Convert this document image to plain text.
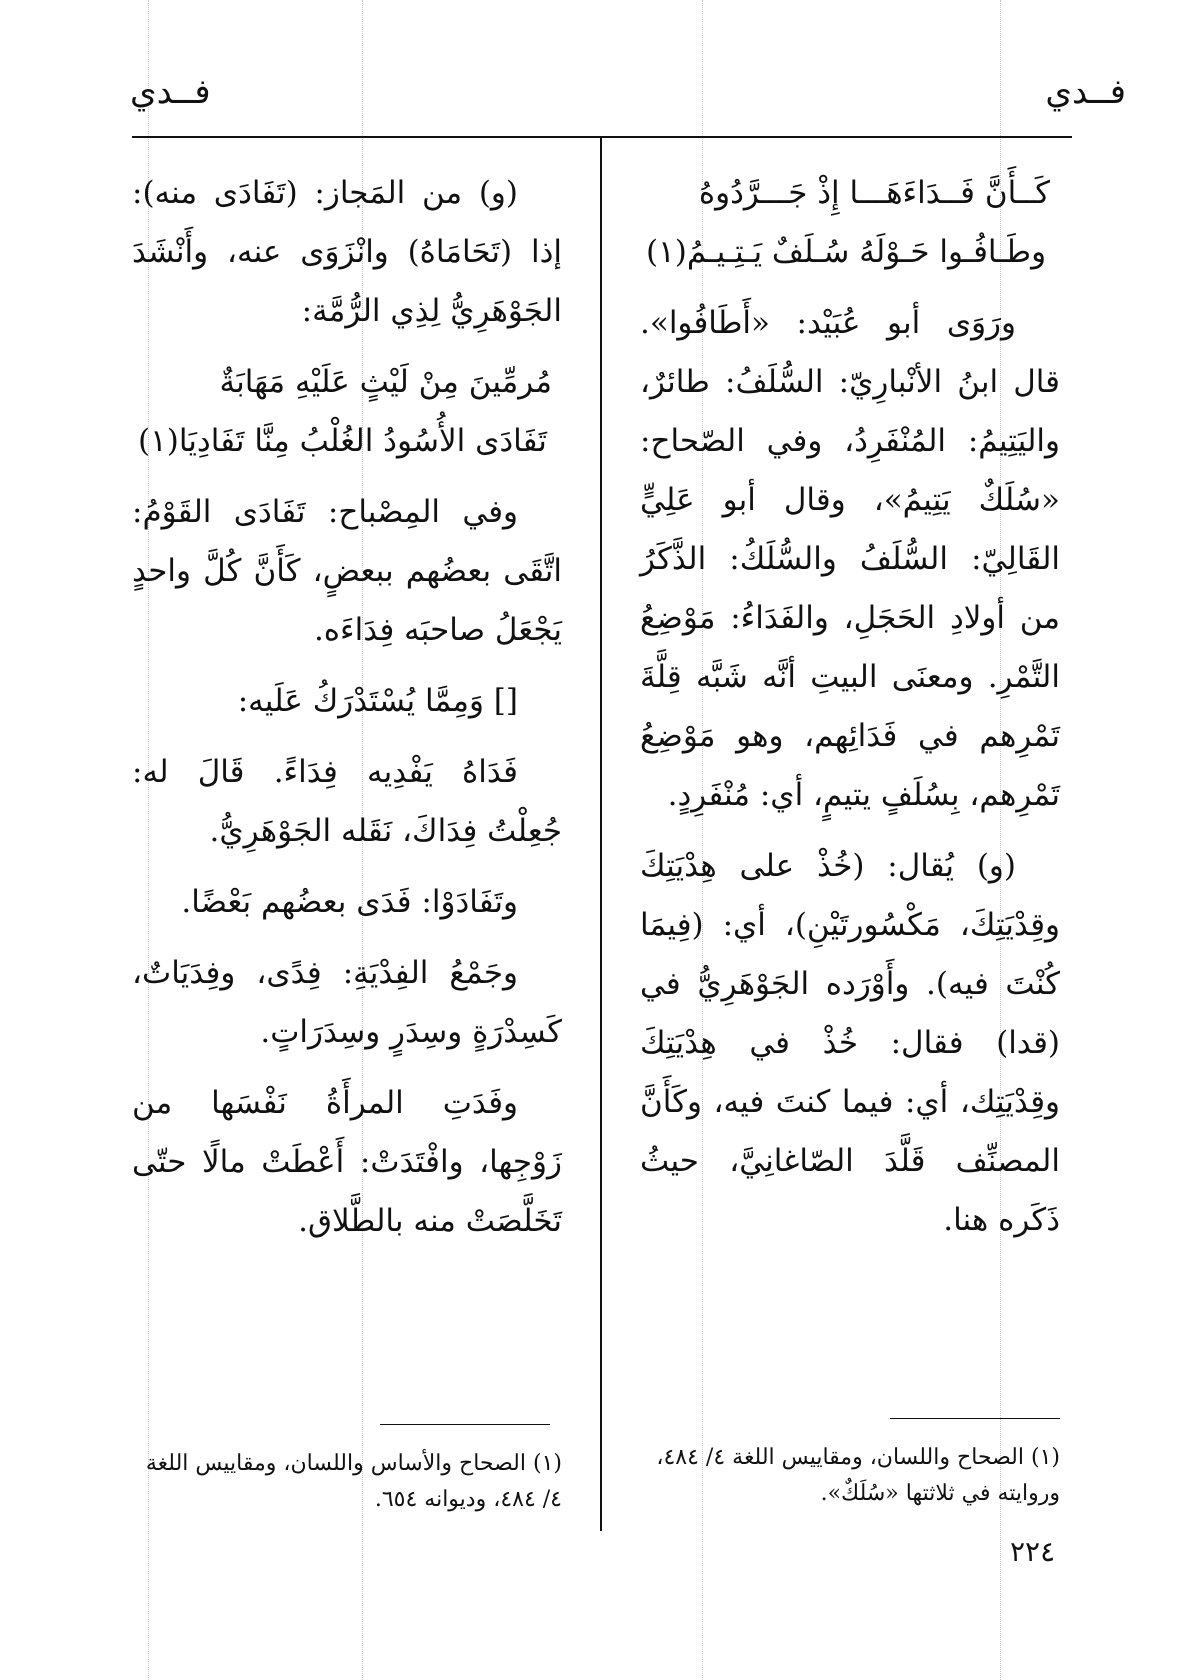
فــدي
فــدي
كَــأَنَّ فَــدَاءَهَـــا إِذْ جَـــرَّدُوهُ
وطَـافُـوا حَـوْلَهُ سُـلَفٌ يَـتِـيـمُ(١)

ورَوَى أبو عُبَيْد: «أَطَافُوا». قال ابنُ الأنْبارِيّ: السُّلَفُ: طائرٌ، واليَتِيمُ: المُنْفَرِدُ، وفي الصّحاح: «سُلَكٌ يَتِيمُ»، وقال أبو عَلِيٍّ القَالِيّ: السُّلَفُ والسُّلَكُ: الذَّكَرُ من أولادِ الحَجَلِ، والفَدَاءُ: مَوْضِعُ التَّمْرِ. ومعنَى البيتِ أنَّه شَبَّه قِلَّةَ تَمْرِهم في فَدَائِهم، وهو مَوْضِعُ تَمْرِهم، بِسُلَفٍ يتيمٍ، أي: مُنْفَرِدٍ.

(و) يُقال: (خُذْ على هِدْيَتِكَ وقِدْيَتِكَ، مَكْسُورتَيْنِ)، أي: (فِيمَا كُنْتَ فيه). وأَوْرَده الجَوْهَرِيُّ في (قدا) فقال: خُذْ في هِدْيَتِكَ وقِدْيَتِك، أي: فيما كنتَ فيه، وكَأَنَّ المصنِّف قَلَّدَ الصّاغانِيَّ، حيثُ ذَكَره هنا.

(و) من المَجاز: (تَفَادَى منه): إذا (تَحَامَاهُ) وانْزَوَى عنه، وأَنْشَدَ الجَوْهَرِيُّ لِذِي الرُّمَّة:

مُرمِّينَ مِنْ لَيْثٍ عَلَيْهِ مَهَابَةٌ
تَفَادَى الأُسُودُ الغُلْبُ مِنَّا تَفَادِيَا(١)

وفي المِصْباح: تَفَادَى القَوْمُ: اتَّقَى بعضُهم ببعضٍ، كَأَنَّ كُلَّ واحدٍ يَجْعَلُ صاحبَه فِدَاءَه.

[] وَمِمَّا يُسْتَدْرَكُ عَلَيه:

فَدَاهُ يَفْدِيه فِدَاءً. قَالَ له: جُعِلْتُ فِدَاكَ، نَقَله الجَوْهَرِيُّ.

وتَفَادَوْا: فَدَى بعضُهم بَعْضًا.

وجَمْعُ الفِدْيَةِ: فِدًى، وفِدَيَاتٌ، كَسِدْرَةٍ وسِدَرٍ وسِدَرَاتٍ.

وفَدَتِ المرأَةُ نَفْسَها من زَوْجِها، وافْتَدَتْ: أَعْطَتْ مالًا حتّى تَخَلَّصَتْ منه بالطَّلاق.

(١) الصحاح واللسان، ومقاييس اللغة ٤/ ٤٨٤، وروايته في ثلاثتها «سُلَكٌ».
(١) الصحاح والأساس واللسان، ومقاييس اللغة ٤/ ٤٨٤، وديوانه ٦٥٤.
٢٢٤
